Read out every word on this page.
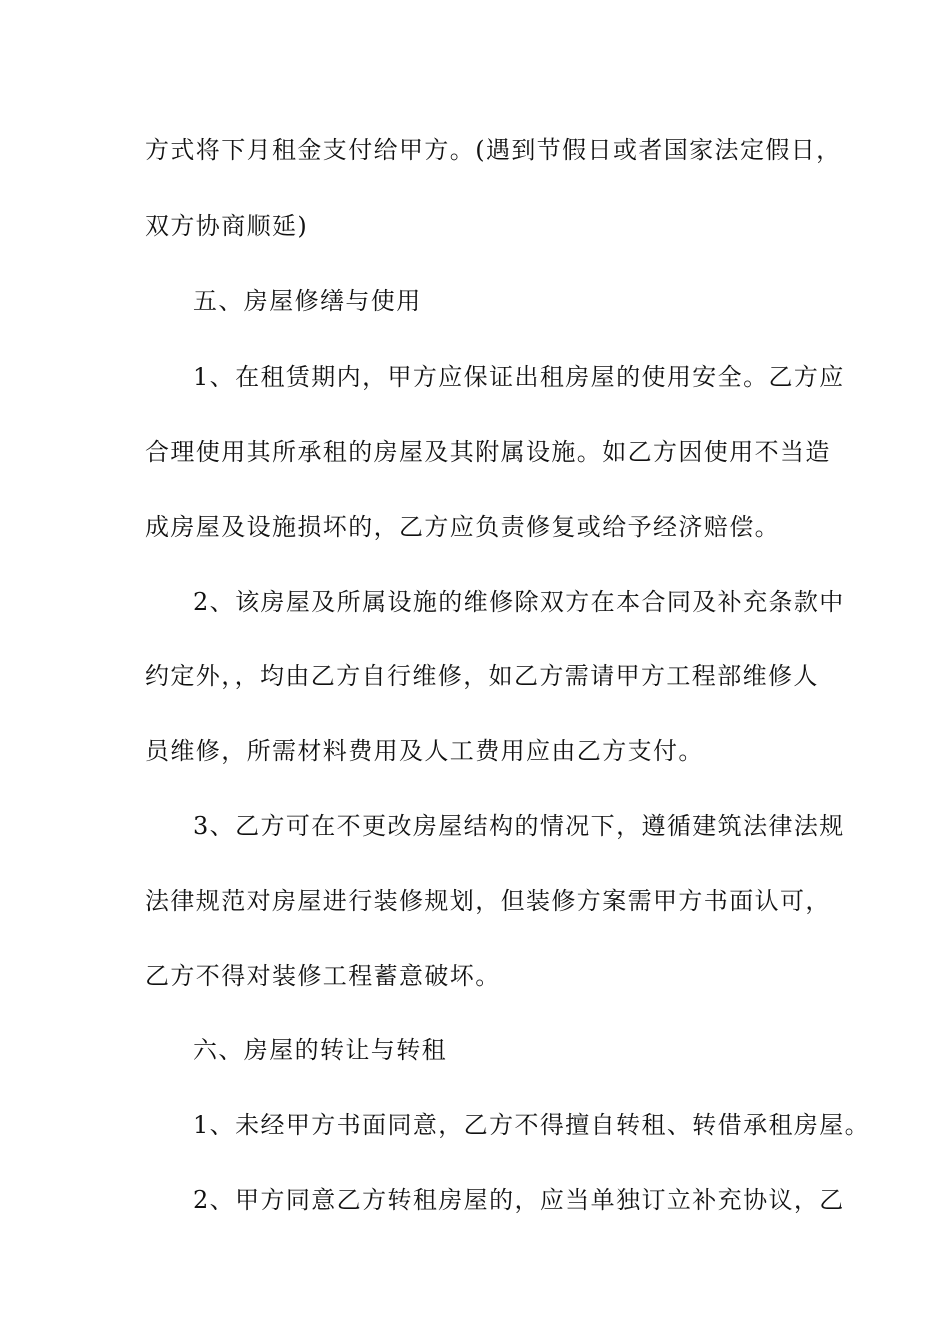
方式将下月租金支付给甲方。(遇到节假日或者国家法定假日，
双方协商顺延)
五、房屋修缮与使用
1、在租赁期内，甲方应保证出租房屋的使用安全。乙方应
合理使用其所承租的房屋及其附属设施。如乙方因使用不当造
成房屋及设施损坏的，乙方应负责修复或给予经济赔偿。
2、该房屋及所属设施的维修除双方在本合同及补充条款中
约定外，，均由乙方自行维修，如乙方需请甲方工程部维修人
员维修，所需材料费用及人工费用应由乙方支付。
3、乙方可在不更改房屋结构的情况下，遵循建筑法律法规
法律规范对房屋进行装修规划，但装修方案需甲方书面认可，
乙方不得对装修工程蓄意破坏。
六、房屋的转让与转租
1、未经甲方书面同意，乙方不得擅自转租、转借承租房屋。
2、甲方同意乙方转租房屋的，应当单独订立补充协议，乙
